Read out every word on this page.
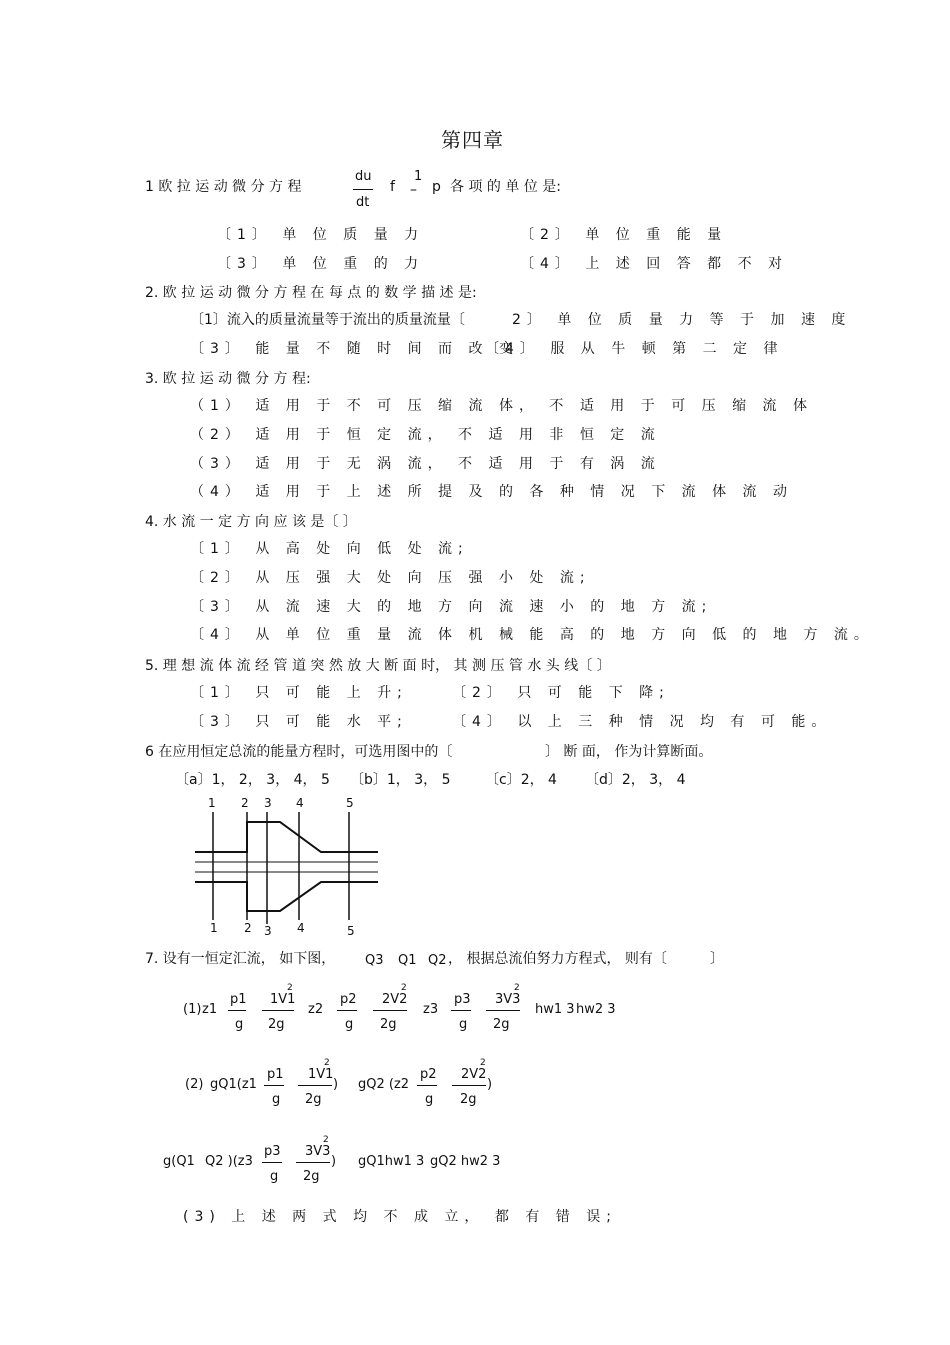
第四章
1 欧 拉 运 动 微 分 方 程
du
dt
f
1
– p 各 项 的 单 位 是:
〔1〕 单 位 质 量 力	〔2〕 单 位 重 能 量
〔3〕 单 位 重 的 力	〔4〕 上 述 回 答 都 不 对
2. 欧 拉 运 动 微 分 方 程 在 每 点 的 数 学 描 述 是:
〔1〕流入的质量流量等于流出的质量流量〔	2〕 单 位 质 量 力 等 于 加 速 度
〔3〕 能 量 不 随 时 间 而 改 变
〔4〕 服 从 牛 顿 第 二 定 律
3. 欧 拉 运 动 微 分 方 程:
（1） 适 用 于 不 可 压 缩 流 体， 不 适 用 于 可 压 缩 流 体
（2） 适 用 于 恒 定 流， 不 适 用 非 恒 定 流
（3） 适 用 于 无 涡 流， 不 适 用 于 有 涡 流
（4） 适 用 于 上 述 所 提 及 的 各 种 情 况 下 流 体 流 动
4. 水 流 一 定 方 向 应 该 是〔 〕
〔1〕 从 高 处 向 低 处 流;
〔2〕 从 压 强 大 处 向 压 强 小 处 流;
〔3〕 从 流 速 大 的 地 方 向 流 速 小 的 地 方 流;
〔4〕 从 单 位 重 量 流 体 机 械 能 高 的 地 方 向 低 的 地 方 流。
5. 理 想 流 体 流 经 管 道 突 然 放 大 断 面 时， 其 测 压 管 水 头 线〔 〕
〔1〕 只 可 能 上 升;	〔2〕 只 可 能 下 降;
〔3〕 只 可 能 水 平;	〔4〕 以 上 三 种 情 况 均 有 可 能。
6 在应用恒定总流的能量方程时，可选用图中的〔	〕 断 面， 作为计算断面。
〔a〕1， 2， 3， 4， 5 〔b〕1， 3， 5 〔c〕2， 4 〔d〕2， 3， 4
1 2 3 4	5
1 2 3 4	5
7. 设有一恒定汇流， 如下图， Q3 Q1 Q2 ， 根据总流伯努力方程式， 则有〔	〕
(1) z1
p1
g
2
1V1
2g
z2
p2
g
2
2V2
2g
z3
p3
g
2
3V3
2g
hw1 3 hw2 3
(2) gQ1(z1
p1
g
2
1V1
2g
) gQ2 (z2
p2
g
2
2V2
2g
)
g(Q1 Q2 )(z3
p3
g
2
3V3
2g
) gQ1hw1 3 gQ2 hw2 3
(3) 上 述 两 式 均 不 成 立， 都 有 错 误;
